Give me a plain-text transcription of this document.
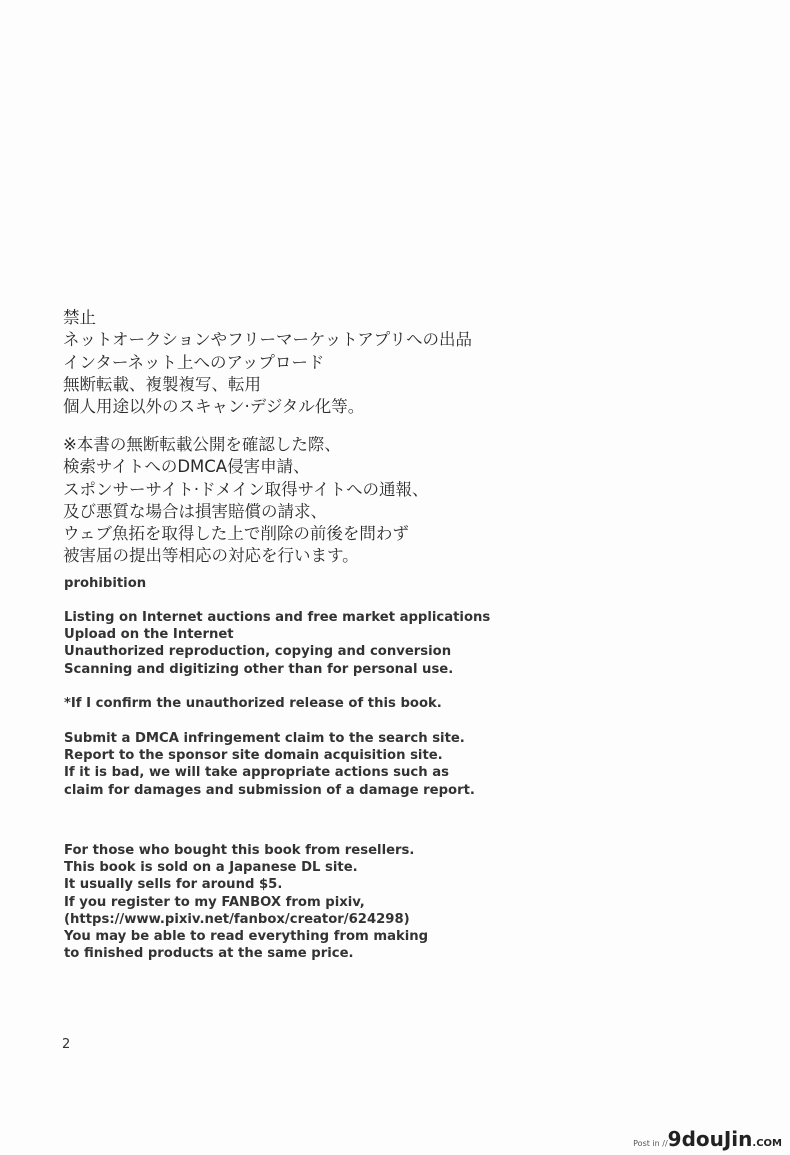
禁止
ネットオークションやフリーマーケットアプリへの出品
インターネット上へのアップロード
無断転載、複製複写、転用
個人用途以外のスキャン·デジタル化等。
※本書の無断転載公開を確認した際、
検索サイトへのDMCA侵害申請、
スポンサーサイト·ドメイン取得サイトへの通報、
及び悪質な場合は損害賠償の請求、
ウェブ魚拓を取得した上で削除の前後を問わず
被害届の提出等相応の対応を行います。
prohibition
Listing on Internet auctions and free market applications
Upload on the Internet
Unauthorized reproduction, copying and conversion
Scanning and digitizing other than for personal use.
*If I confirm the unauthorized release of this book.
Submit a DMCA infringement claim to the search site.
Report to the sponsor site domain acquisition site.
If it is bad, we will take appropriate actions such as
claim for damages and submission of a damage report.
For those who bought this book from resellers.
This book is sold on a Japanese DL site.
It usually sells for around $5.
If you register to my FANBOX from pixiv,
(https://www.pixiv.net/fanbox/creator/624298)
You may be able to read everything from making
to finished products at the same price.
2
Post in //9douJin.COM
